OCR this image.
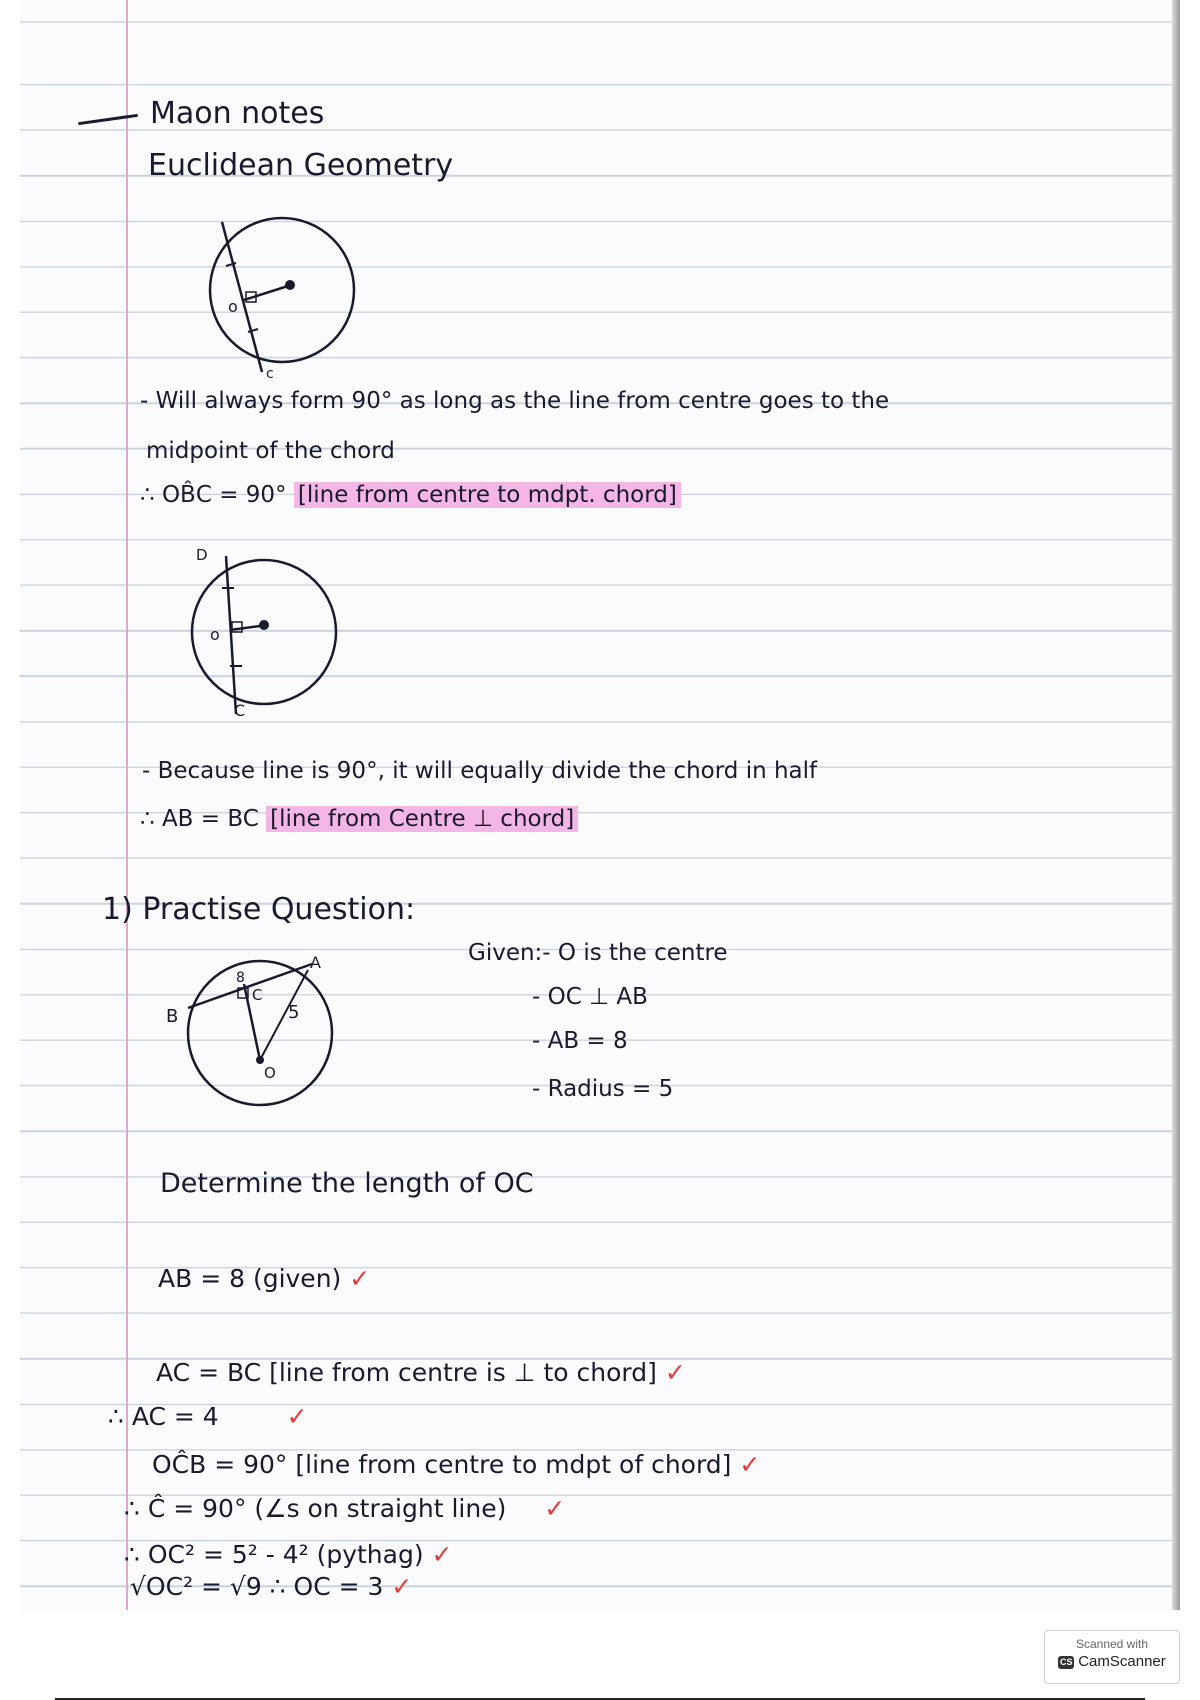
Maon notes
Euclidean Geometry
o
c
- Will always form 90° as long as the line from centre goes to the
midpoint of the chord
∴ OB̂C = 90° [line from centre to mdpt. chord]
D
o
C
- Because line is 90°, it will equally divide the chord in half
∴ AB = BC [line from Centre ⊥ chord]
1) Practise Question:
A
B
C
O
8
5
Given:- O is the centre
- OC ⊥ AB
- AB = 8
- Radius = 5
Determine the length of OC
AB = 8 (given) ✓
AC = BC [line from centre is ⊥ to chord] ✓
∴ AC = 4	✓
OĈB = 90° [line from centre to mdpt of chord] ✓
∴ Ĉ = 90° (∠s on straight line) ✓
∴ OC² = 5² - 4² (pythag) ✓
√OC² = √9 ∴ OC = 3 ✓
Scanned with
CS CamScanner
